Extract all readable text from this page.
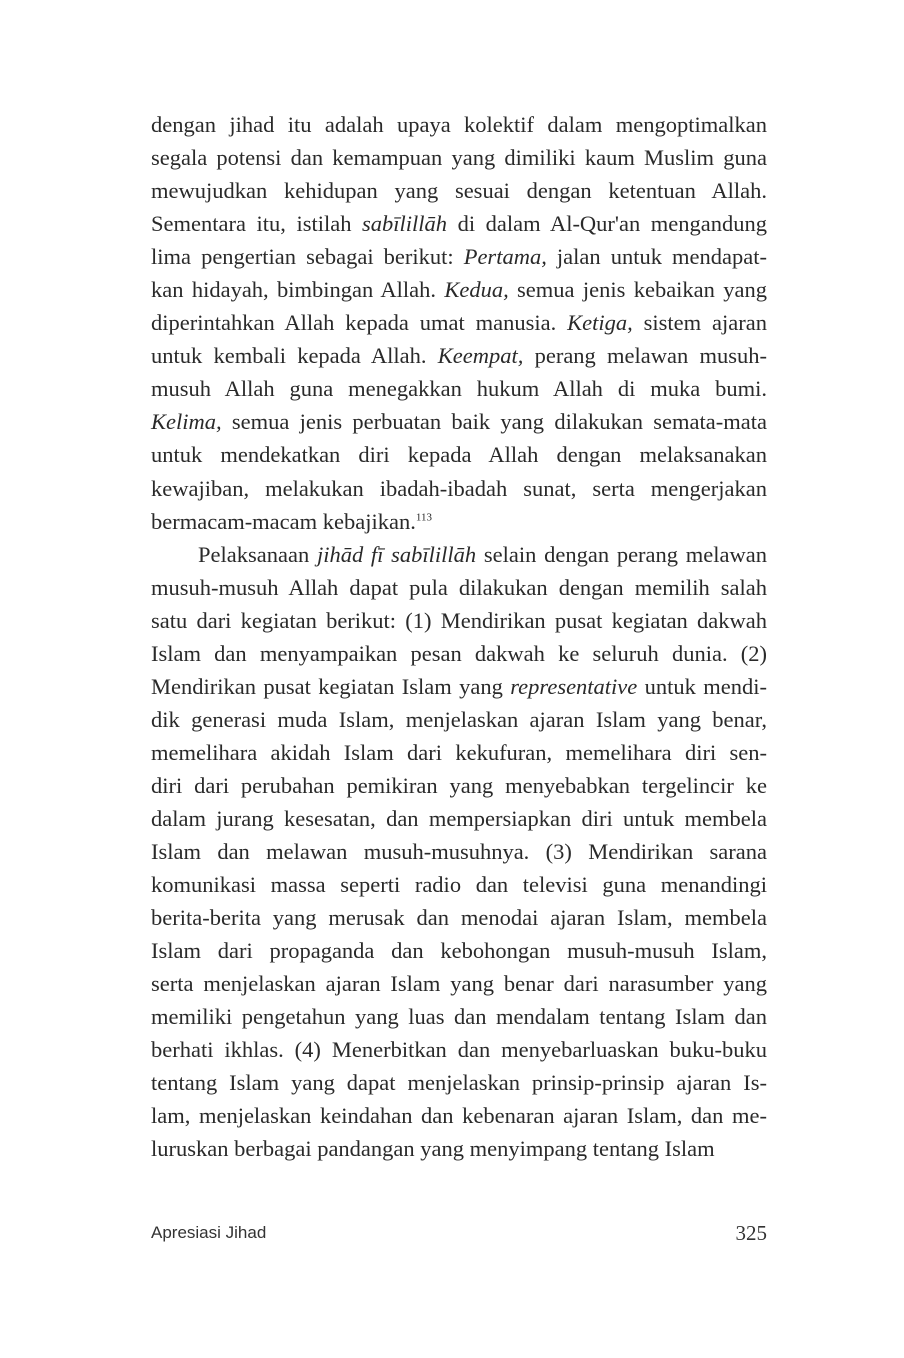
dengan jihad itu adalah upaya kolektif dalam mengoptimalkan

segala potensi dan kemampuan yang dimiliki kaum Muslim guna

mewujudkan kehidupan yang sesuai dengan ketentuan Allah.

Sementara itu, istilah sabīlillāh di dalam Al-Qur'an mengandung

lima pengertian sebagai berikut: Pertama, jalan untuk mendapat-

kan hidayah, bimbingan Allah. Kedua, semua jenis kebaikan yang

diperintahkan Allah kepada umat manusia. Ketiga, sistem ajaran

untuk kembali kepada Allah. Keempat, perang melawan musuh-

musuh Allah guna menegakkan hukum Allah di muka bumi.

Kelima, semua jenis perbuatan baik yang dilakukan semata-mata

untuk mendekatkan diri kepada Allah dengan melaksanakan

kewajiban, melakukan ibadah-ibadah sunat, serta mengerjakan

bermacam-macam kebajikan.$^{113}$

Pelaksanaan jihād fī sabīlillāh selain dengan perang melawan

musuh-musuh Allah dapat pula dilakukan dengan memilih salah

satu dari kegiatan berikut: (1) Mendirikan pusat kegiatan dakwah

Islam dan menyampaikan pesan dakwah ke seluruh dunia. (2)

Mendirikan pusat kegiatan Islam yang representative untuk mendi-

dik generasi muda Islam, menjelaskan ajaran Islam yang benar,

memelihara akidah Islam dari kekufuran, memelihara diri sen-

diri dari perubahan pemikiran yang menyebabkan tergelincir ke

dalam jurang kesesatan, dan mempersiapkan diri untuk membela

Islam dan melawan musuh-musuhnya. (3) Mendirikan sarana

komunikasi massa seperti radio dan televisi guna menandingi

berita-berita yang merusak dan menodai ajaran Islam, membela

Islam dari propaganda dan kebohongan musuh-musuh Islam,

serta menjelaskan ajaran Islam yang benar dari narasumber yang

memiliki pengetahun yang luas dan mendalam tentang Islam dan

berhati ikhlas. (4) Menerbitkan dan menyebarluaskan buku-buku

tentang Islam yang dapat menjelaskan prinsip-prinsip ajaran Is-

lam, menjelaskan keindahan dan kebenaran ajaran Islam, dan me-

luruskan berbagai pandangan yang menyimpang tentang Islam

Apresiasi Jihad	325
